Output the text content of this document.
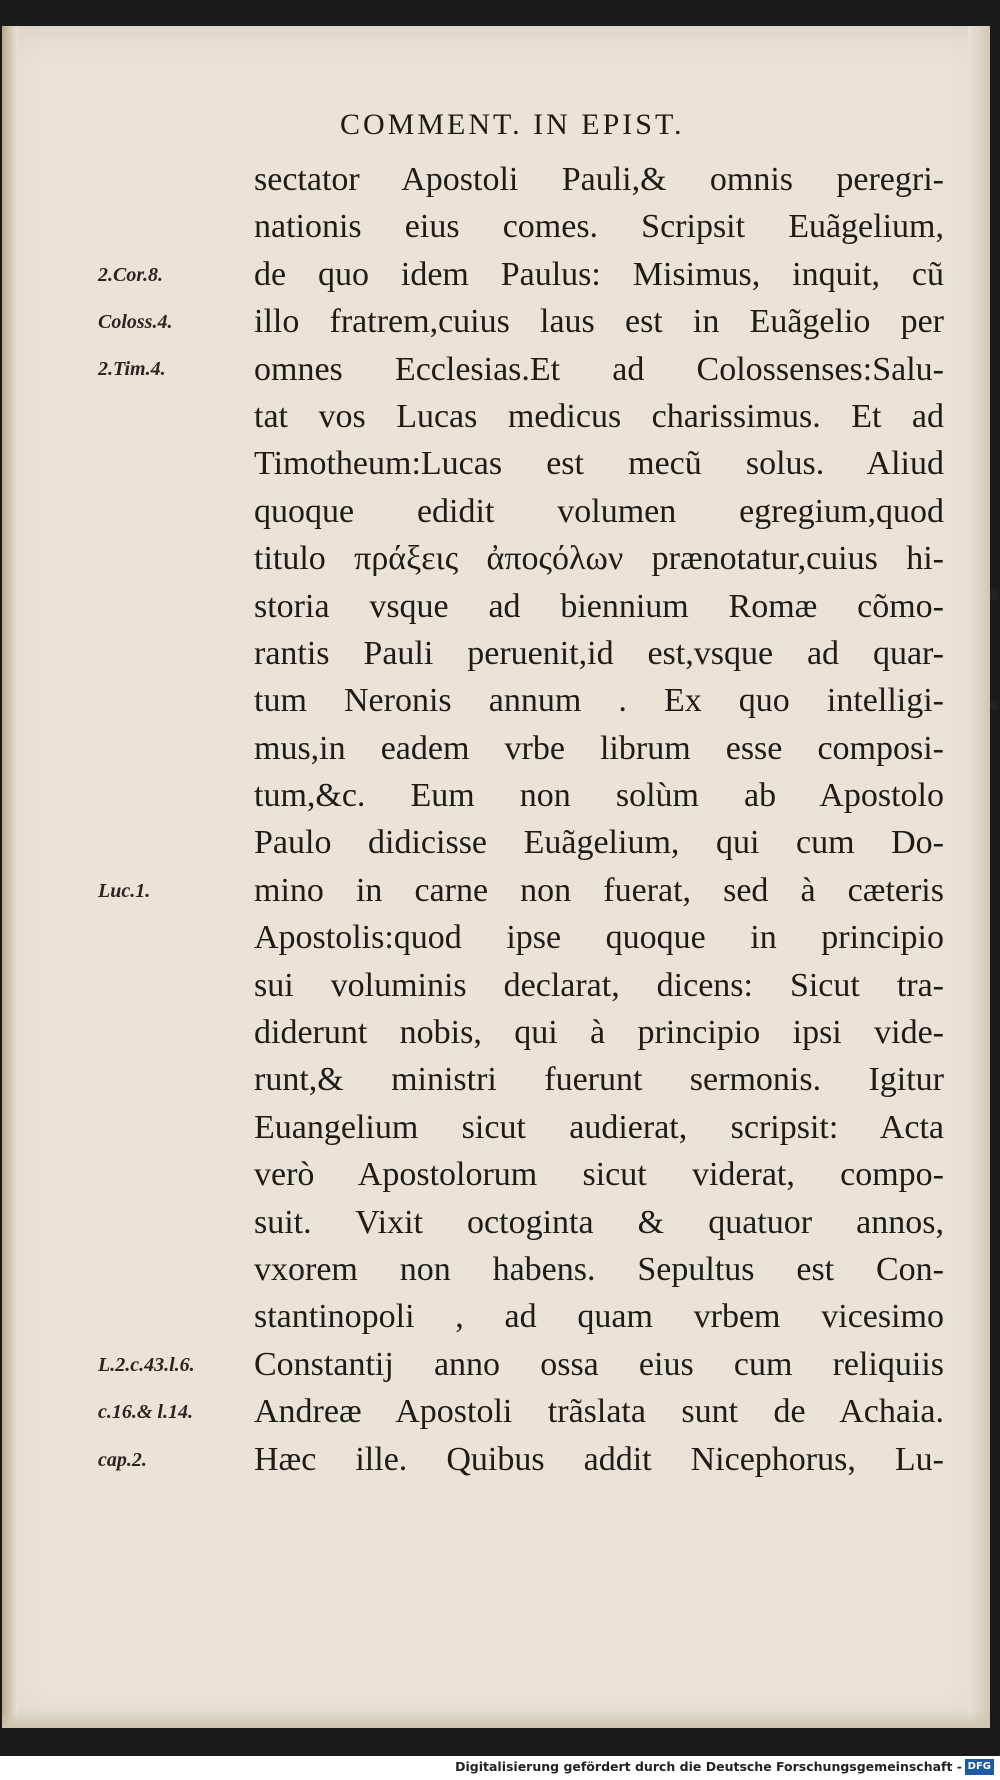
COMMENT. IN EPIST.
sectator Apostoli Pauli,& omnis peregri-
nationis eius comes. Scripsit Euãgelium,
de quo idem Paulus: Misimus, inquit, cũ
illo fratrem,cuius laus est in Euãgelio per
omnes Ecclesias.Et ad Colossenses:Salu-
tat vos Lucas medicus charissimus. Et ad
Timotheum:Lucas est mecũ solus. Aliud
quoque edidit volumen egregium,quod
titulo πράξεις ἀποςόλων prænotatur,cuius hi-
storia vsque ad biennium Romæ cõmo-
rantis Pauli peruenit,id est,vsque ad quar-
tum Neronis annum . Ex quo intelligi-
mus,in eadem vrbe librum esse composi-
tum,&c. Eum non solùm ab Apostolo
Paulo didicisse Euãgelium, qui cum Do-
mino in carne non fuerat, sed à cæteris
Apostolis:quod ipse quoque in principio
sui voluminis declarat, dicens: Sicut tra-
diderunt nobis, qui à principio ipsi vide-
runt,& ministri fuerunt sermonis. Igitur
Euangelium sicut audierat, scripsit: Acta
verò Apostolorum sicut viderat, compo-
suit. Vixit octoginta & quatuor annos,
vxorem non habens. Sepultus est Con-
stantinopoli , ad quam vrbem vicesimo
Constantij anno ossa eius cum reliquiis
Andreæ Apostoli trãslata sunt de Achaia.
Hæc ille. Quibus addit Nicephorus, Lu-
2.Cor.8.
Coloss.4.
2.Tim.4.
Luc.1.
L.2.c.43.l.6.
c.16.& l.14.
cap.2.
Digitalisierung gefördert durch die Deutsche Forschungsgemeinschaft - DFG
